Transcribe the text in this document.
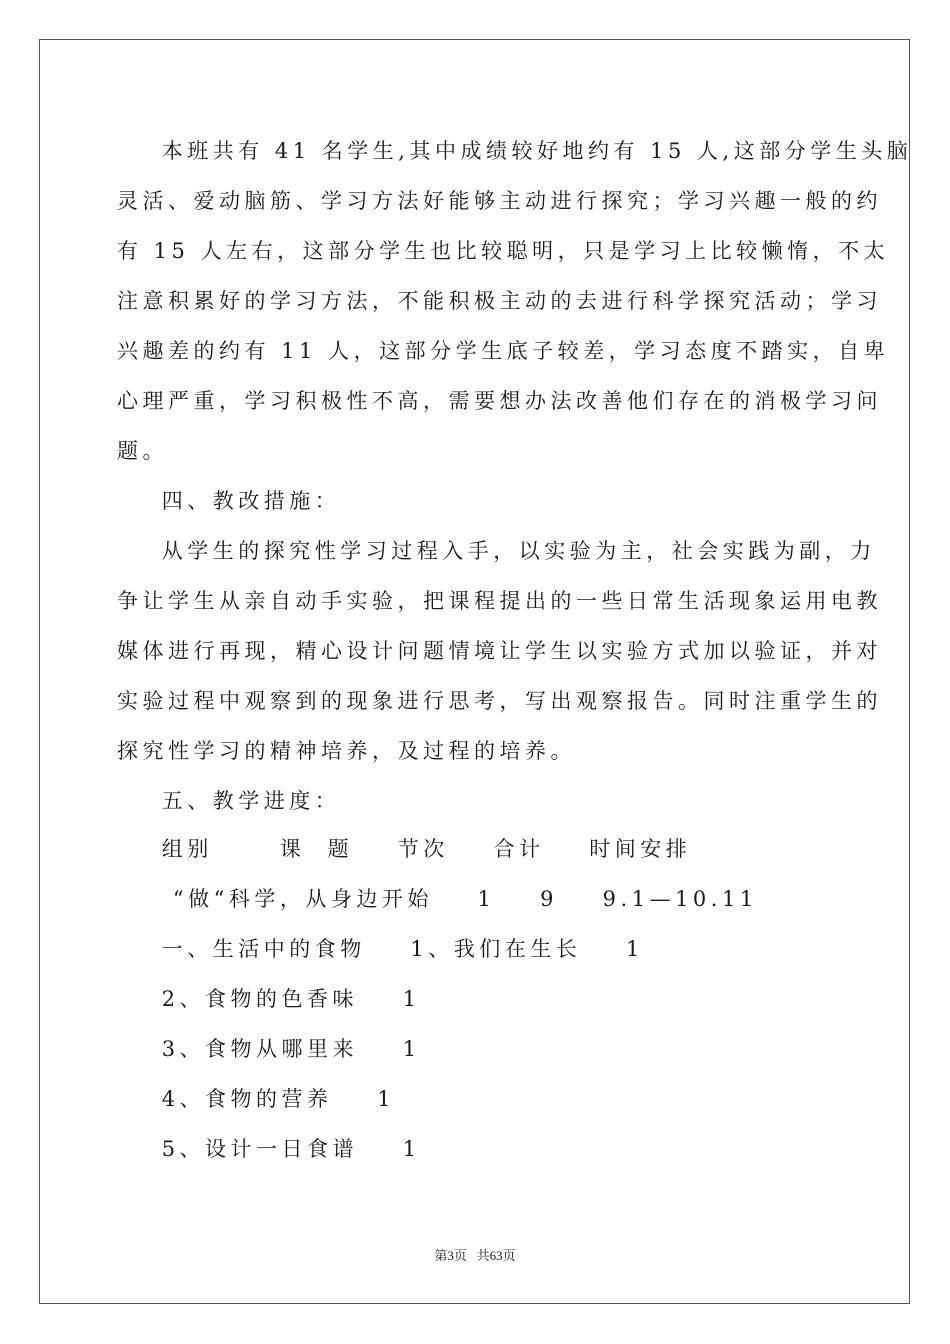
本班共有 41 名学生,其中成绩较好地约有 15 人,这部分学生头脑
灵活、爱动脑筋、学习方法好能够主动进行探究；学习兴趣一般的约
有 15 人左右，这部分学生也比较聪明，只是学习上比较懒惰，不太
注意积累好的学习方法，不能积极主动的去进行科学探究活动；学习
兴趣差的约有 11 人，这部分学生底子较差，学习态度不踏实，自卑
心理严重，学习积极性不高，需要想办法改善他们存在的消极学习问
题。
四、教改措施：
从学生的探究性学习过程入手，以实验为主，社会实践为副，力
争让学生从亲自动手实验，把课程提出的一些日常生活现象运用电教
媒体进行再现，精心设计问题情境让学生以实验方式加以验证，并对
实验过程中观察到的现象进行思考，写出观察报告。同时注重学生的
探究性学习的精神培养，及过程的培养。
五、教学进度：
组别      课  题    节次    合计    时间安排
“做“科学，从身边开始    1    9    9.1—10.11
一、生活中的食物    1、我们在生长    1
2、食物的色香味    1
3、食物从哪里来    1
4、食物的营养    1
5、设计一日食谱    1
第3页   共63页
